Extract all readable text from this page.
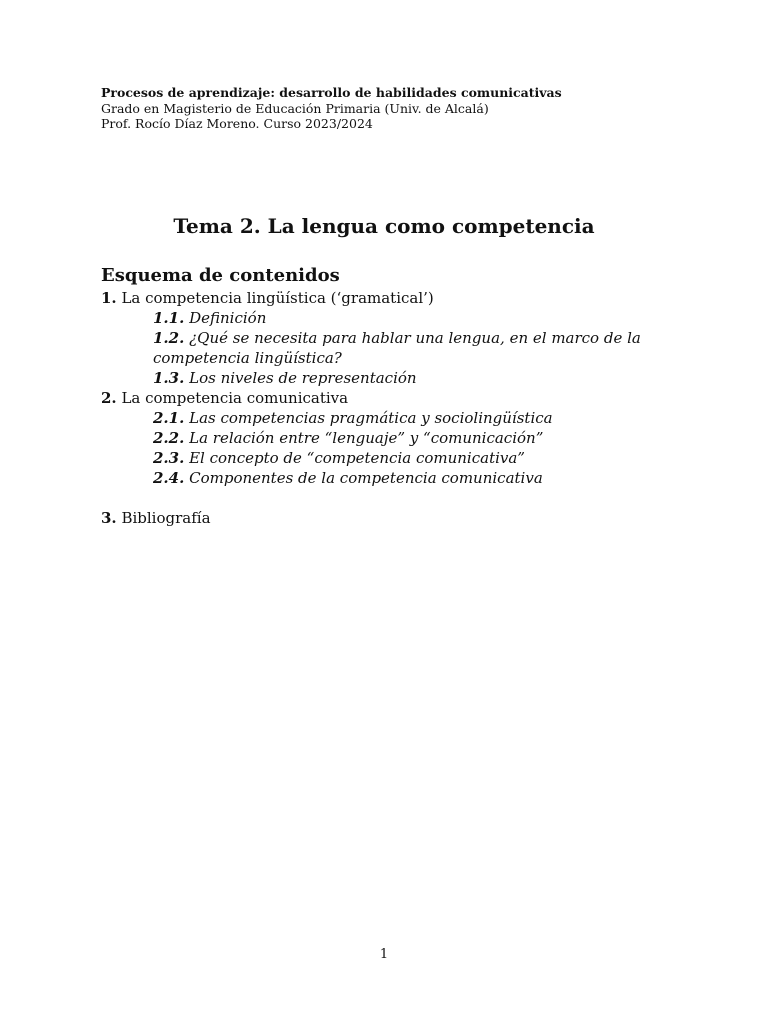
Procesos de aprendizaje: desarrollo de habilidades comunicativas
Grado en Magisterio de Educación Primaria (Univ. de Alcalá)
Prof. Rocío Díaz Moreno. Curso 2023/2024
Tema 2. La lengua como competencia
Esquema de contenidos
1. La competencia lingüística (‘gramatical’)
1.1. Definición
1.2. ¿Qué se necesita para hablar una lengua, en el marco de la competencia lingüística?
1.3. Los niveles de representación
2. La competencia comunicativa
2.1. Las competencias pragmática y sociolingüística
2.2. La relación entre “lenguaje” y “comunicación”
2.3. El concepto de “competencia comunicativa”
2.4. Componentes de la competencia comunicativa
3. Bibliografía
1
